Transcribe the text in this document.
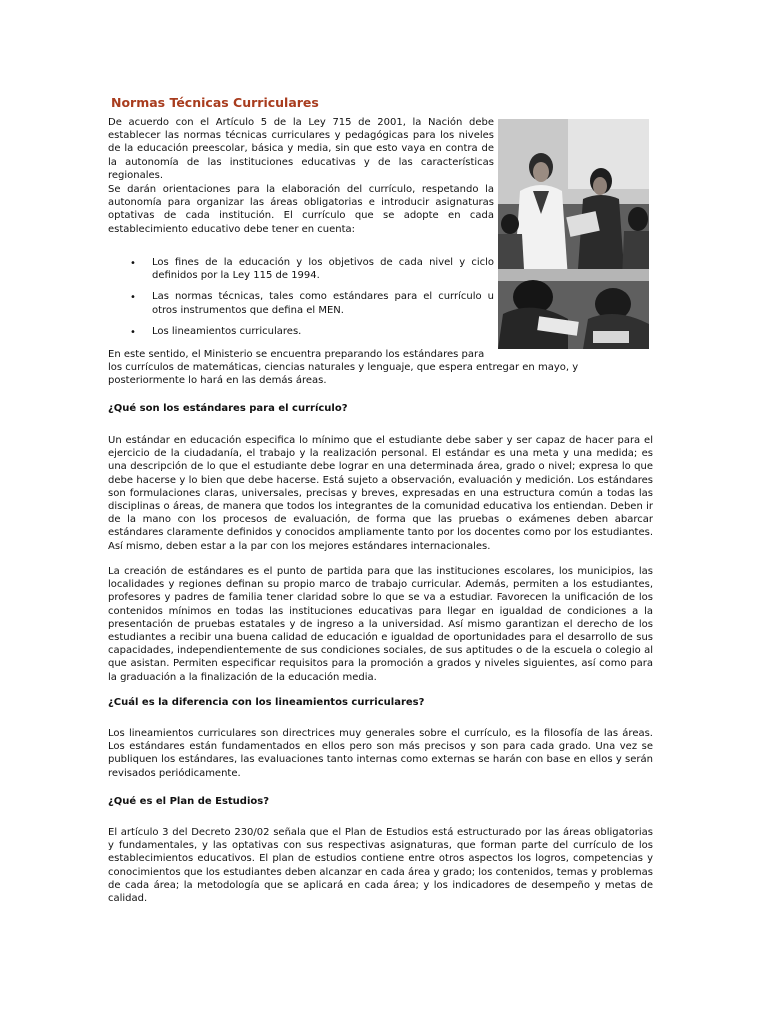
Normas Técnicas Curriculares

De acuerdo con el Artículo 5 de la Ley 715 de 2001, la Nación debe establecer las normas técnicas curriculares y pedagógicas para los niveles de la educación preescolar, básica y media, sin que esto vaya en contra de la autonomía de las instituciones educativas y de las características regionales.

Se darán orientaciones para la elaboración del currículo, respetando la autonomía para organizar las áreas obligatorias e introducir asignaturas optativas de cada institución. El currículo que se adopte en cada establecimiento educativo debe tener en cuenta:

• Los fines de la educación y los objetivos de cada nivel y ciclo definidos por la Ley 115 de 1994.
• Las normas técnicas, tales como estándares para el currículo u otros instrumentos que defina el MEN.
• Los lineamientos curriculares.

En este sentido, el Ministerio se encuentra preparando los estándares para

los currículos de matemáticas, ciencias naturales y lenguaje, que espera entregar en mayo, y posteriormente lo hará en las demás áreas.

¿Qué son los estándares para el currículo?

Un estándar en educación especifica lo mínimo que el estudiante debe saber y ser capaz de hacer para el ejercicio de la ciudadanía, el trabajo y la realización personal. El estándar es una meta y una medida; es una descripción de lo que el estudiante debe lograr en una determinada área, grado o nivel; expresa lo que debe hacerse y lo bien que debe hacerse. Está sujeto a observación, evaluación y medición. Los estándares son formulaciones claras, universales, precisas y breves, expresadas en una estructura común a todas las disciplinas o áreas, de manera que todos los integrantes de la comunidad educativa los entiendan. Deben ir de la mano con los procesos de evaluación, de forma que las pruebas o exámenes deben abarcar estándares claramente definidos y conocidos ampliamente tanto por los docentes como por los estudiantes. Así mismo, deben estar a la par con los mejores estándares internacionales.

La creación de estándares es el punto de partida para que las instituciones escolares, los municipios, las localidades y regiones definan su propio marco de trabajo curricular. Además, permiten a los estudiantes, profesores y padres de familia tener claridad sobre lo que se va a estudiar. Favorecen la unificación de los contenidos mínimos en todas las instituciones educativas para llegar en igualdad de condiciones a la presentación de pruebas estatales y de ingreso a la universidad. Así mismo garantizan el derecho de los estudiantes a recibir una buena calidad de educación e igualdad de oportunidades para el desarrollo de sus capacidades, independientemente de sus condiciones sociales, de sus aptitudes o de la escuela o colegio al que asistan. Permiten especificar requisitos para la promoción a grados y niveles siguientes, así como para la graduación a la finalización de la educación media.

¿Cuál es la diferencia con los lineamientos curriculares?

Los lineamientos curriculares son directrices muy generales sobre el currículo, es la filosofía de las áreas. Los estándares están fundamentados en ellos pero son más precisos y son para cada grado. Una vez se publiquen los estándares, las evaluaciones tanto internas como externas se harán con base en ellos y serán revisados periódicamente.

¿Qué es el Plan de Estudios?

El artículo 3 del Decreto 230/02 señala que el Plan de Estudios está estructurado por las áreas obligatorias y fundamentales, y las optativas con sus respectivas asignaturas, que forman parte del currículo de los establecimientos educativos. El plan de estudios contiene entre otros aspectos los logros, competencias y conocimientos que los estudiantes deben alcanzar en cada área y grado; los contenidos, temas y problemas de cada área; la metodología que se aplicará en cada área; y los indicadores de desempeño y metas de calidad.
